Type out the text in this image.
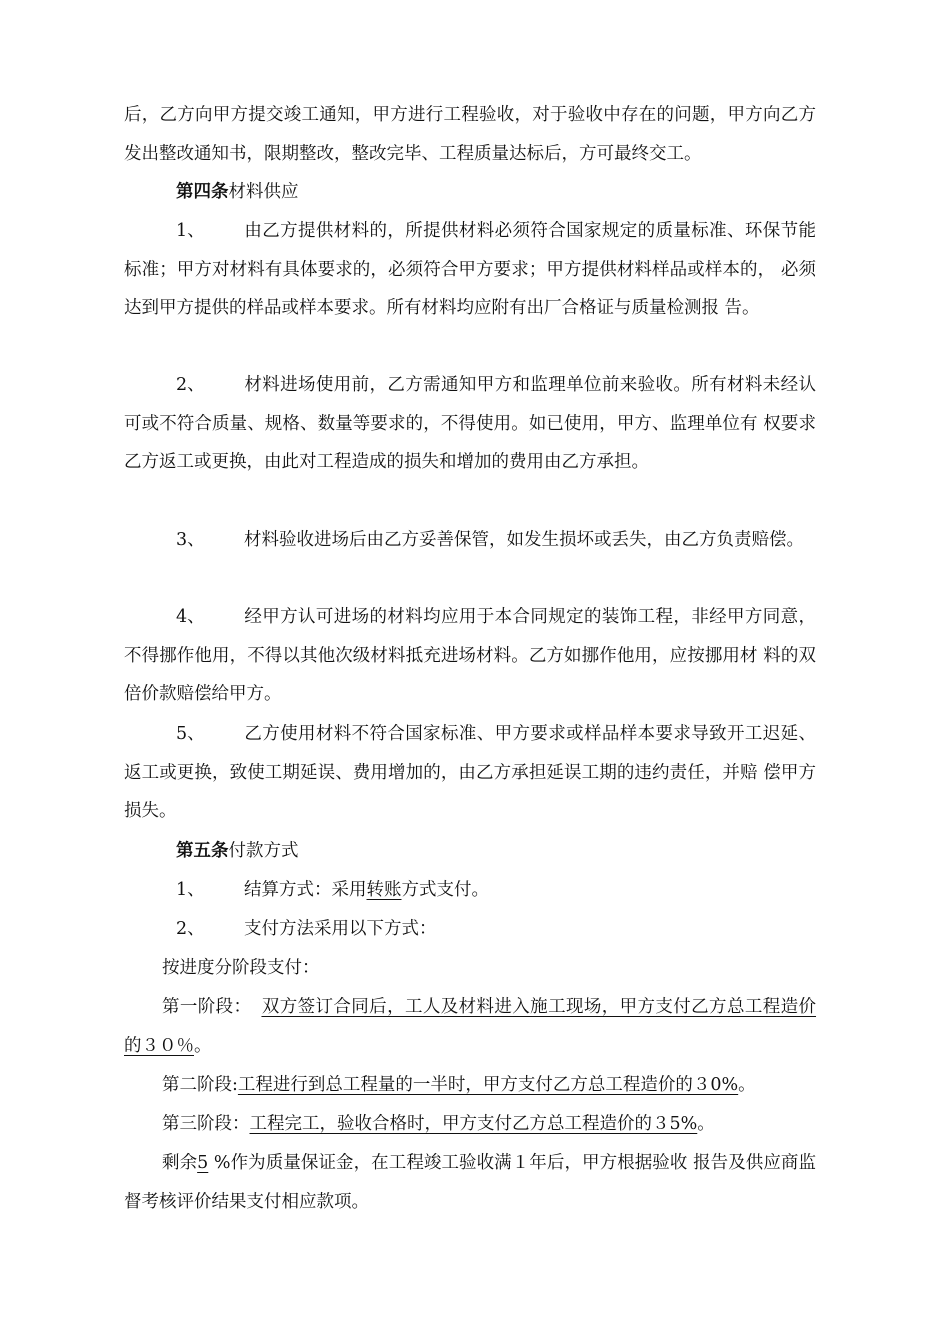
后，乙方向甲方提交竣工通知，甲方进行工程验收，对于验收中存在的问题，甲方向乙方发出整改通知书，限期整改，整改完毕、工程质量达标后，方可最终交工。

第四条材料供应

1、 由乙方提供材料的，所提供材料必须符合国家规定的质量标准、环保节能 标准；甲方对材料有具体要求的，必须符合甲方要求；甲方提供材料样品或样本的， 必须达到甲方提供的样品或样本要求。所有材料均应附有出厂合格证与质量检测报 告。

2、 材料进场使用前，乙方需通知甲方和监理单位前来验收。所有材料未经认 可或不符合质量、规格、数量等要求的，不得使用。如已使用，甲方、监理单位有 权要求乙方返工或更换，由此对工程造成的损失和增加的费用由乙方承担。

3、 材料验收进场后由乙方妥善保管，如发生损坏或丢失，由乙方负责赔偿。

4、 经甲方认可进场的材料均应用于本合同规定的装饰工程，非经甲方同意， 不得挪作他用，不得以其他次级材料抵充进场材料。乙方如挪作他用，应按挪用材 料的双倍价款赔偿给甲方。

5、 乙方使用材料不符合国家标准、甲方要求或样品样本要求导致开工迟延、 返工或更换，致使工期延误、费用增加的，由乙方承担延误工期的违约责任，并赔 偿甲方损失。

第五条付款方式

1、 结算方式：采用转账方式支付。

2、 支付方法采用以下方式：

按进度分阶段支付：

第一阶段： 双方签订合同后，工人及材料进入施工现场，甲方支付乙方总工程造价的３０％。

第二阶段:工程进行到总工程量的一半时，甲方支付乙方总工程造价的３0%。

第三阶段：工程完工，验收合格时，甲方支付乙方总工程造价的３5%。

剩余5 %作为质量保证金，在工程竣工验收满１年后，甲方根据验收 报告及供应商监督考核评价结果支付相应款项。
